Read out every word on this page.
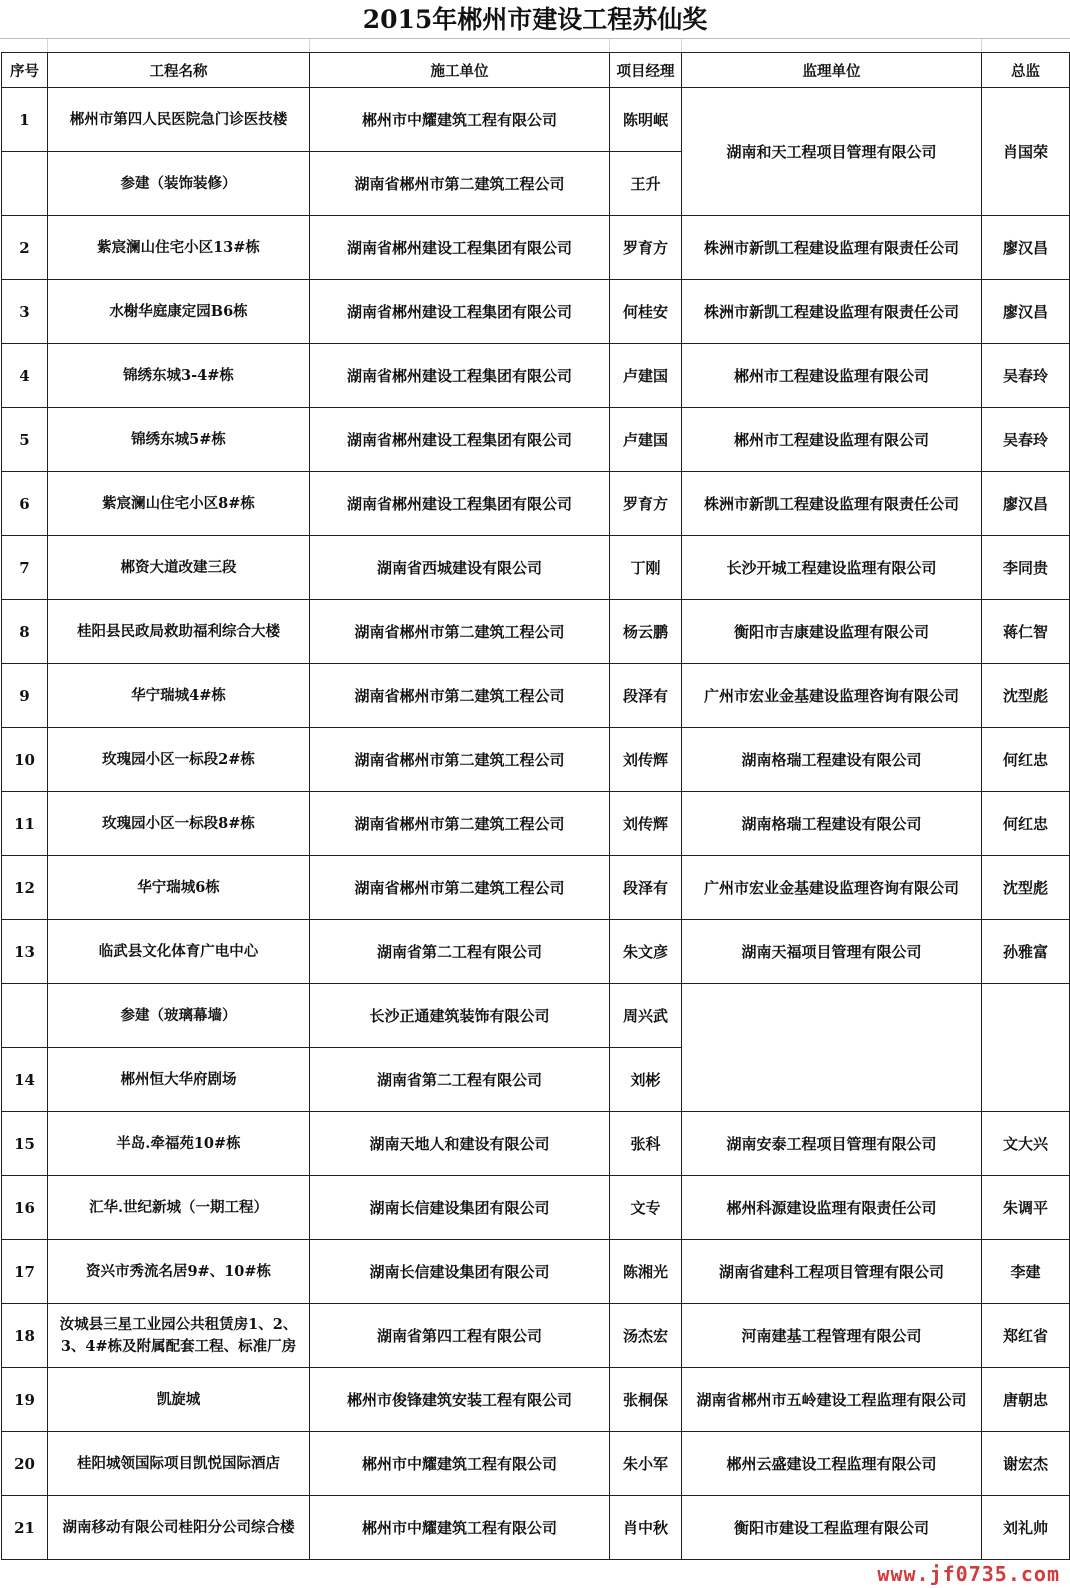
2015年郴州市建设工程苏仙奖
序号	工程名称	施工单位	项目经理	监理单位	总监
1	郴州市第四人民医院急门诊医技楼	郴州市中耀建筑工程有限公司	陈明岷	湖南和天工程项目管理有限公司	肖国荣
	参建（装饰装修）	湖南省郴州市第二建筑工程公司	王升		
2	紫宸澜山住宅小区13#栋	湖南省郴州建设工程集团有限公司	罗育方	株洲市新凯工程建设监理有限责任公司	廖汉昌
3	水榭华庭康定园B6栋	湖南省郴州建设工程集团有限公司	何桂安	株洲市新凯工程建设监理有限责任公司	廖汉昌
4	锦绣东城3-4#栋	湖南省郴州建设工程集团有限公司	卢建国	郴州市工程建设监理有限公司	吴春玲
5	锦绣东城5#栋	湖南省郴州建设工程集团有限公司	卢建国	郴州市工程建设监理有限公司	吴春玲
6	紫宸澜山住宅小区8#栋	湖南省郴州建设工程集团有限公司	罗育方	株洲市新凯工程建设监理有限责任公司	廖汉昌
7	郴资大道改建三段	湖南省西城建设有限公司	丁刚	长沙开城工程建设监理有限公司	李同贵
8	桂阳县民政局救助福利综合大楼	湖南省郴州市第二建筑工程公司	杨云鹏	衡阳市吉康建设监理有限公司	蒋仁智
9	华宁瑞城4#栋	湖南省郴州市第二建筑工程公司	段泽有	广州市宏业金基建设监理咨询有限公司	沈型彪
10	玫瑰园小区一标段2#栋	湖南省郴州市第二建筑工程公司	刘传辉	湖南格瑞工程建设有限公司	何红忠
11	玫瑰园小区一标段8#栋	湖南省郴州市第二建筑工程公司	刘传辉	湖南格瑞工程建设有限公司	何红忠
12	华宁瑞城6栋	湖南省郴州市第二建筑工程公司	段泽有	广州市宏业金基建设监理咨询有限公司	沈型彪
13	临武县文化体育广电中心	湖南省第二工程有限公司	朱文彦	湖南天福项目管理有限公司	孙雅富
	参建（玻璃幕墙）	长沙正通建筑装饰有限公司	周兴武		
14	郴州恒大华府剧场	湖南省第二工程有限公司	刘彬		
15	半岛.牵福苑10#栋	湖南天地人和建设有限公司	张科	湖南安泰工程项目管理有限公司	文大兴
16	汇华.世纪新城（一期工程）	湖南长信建设集团有限公司	文专	郴州科源建设监理有限责任公司	朱调平
17	资兴市秀流名居9#、10#栋	湖南长信建设集团有限公司	陈湘光	湖南省建科工程项目管理有限公司	李建
18	汝城县三星工业园公共租赁房1、2、3、4#栋及附属配套工程、标准厂房	湖南省第四工程有限公司	汤杰宏	河南建基工程管理有限公司	郑红省
19	凯旋城	郴州市俊锋建筑安装工程有限公司	张桐保	湖南省郴州市五岭建设工程监理有限公司	唐朝忠
20	桂阳城领国际项目凯悦国际酒店	郴州市中耀建筑工程有限公司	朱小军	郴州云盛建设工程监理有限公司	谢宏杰
21	湖南移动有限公司桂阳分公司综合楼	郴州市中耀建筑工程有限公司	肖中秋	衡阳市建设工程监理有限公司	刘礼帅
www.jf0735.com
